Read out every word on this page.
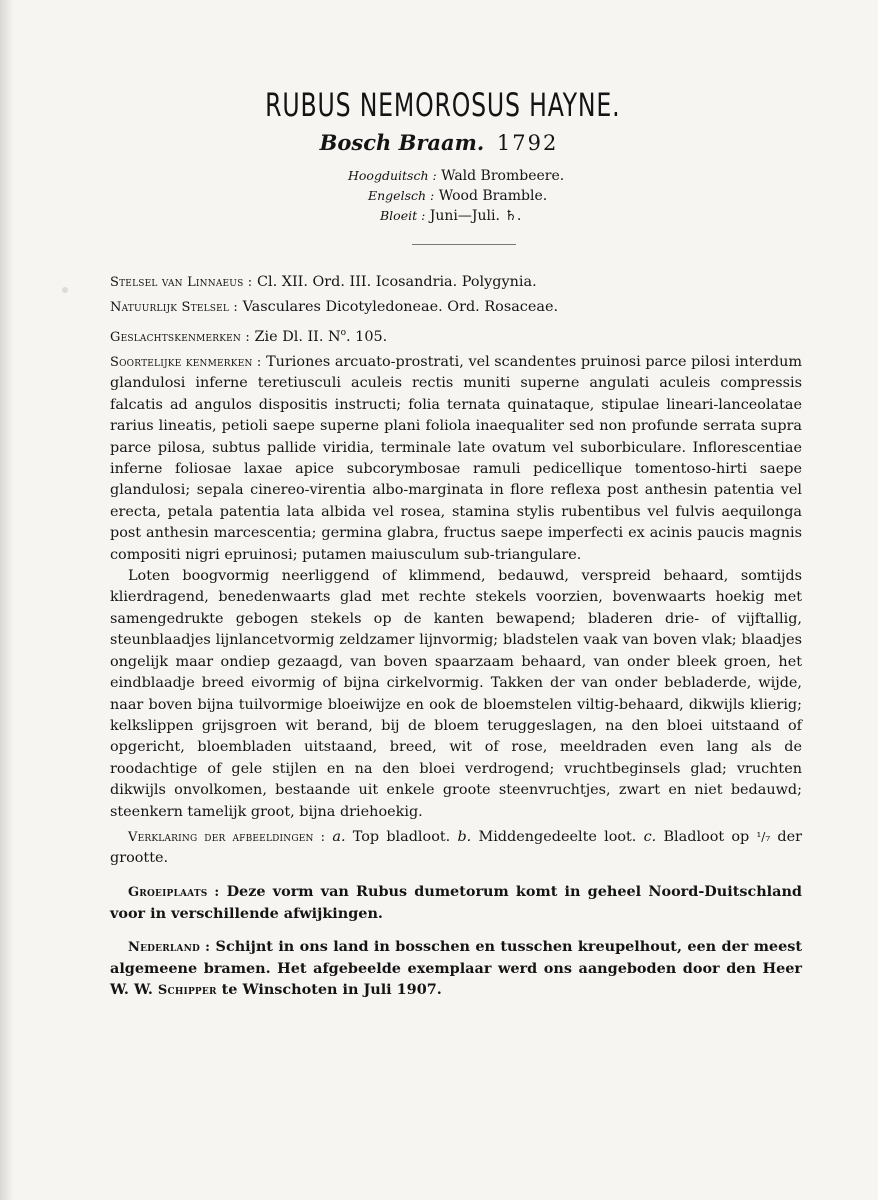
RUBUS NEMOROSUS HAYNE.
Bosch Braam. 1792
Hoogduitsch : Wald Brombeere.
Engelsch : Wood Bramble.
Bloeit : Juni—Juli. ♄.

Stelsel van Linnaeus : Cl. XII. Ord. III. Icosandria. Polygynia.

Natuurlijk Stelsel : Vasculares Dicotyledoneae. Ord. Rosaceae.

Geslachtskenmerken : Zie Dl. II. $N^o$. 105.

Soortelijke kenmerken : Turiones arcuato-prostrati, vel scandentes pruinosi parce pilosi interdum glandulosi inferne teretiusculi aculeis rectis muniti superne angulati aculeis compressis falcatis ad angulos dispositis instructi; folia ternata quinataque, stipulae lineari-lanceolatae rarius lineatis, petioli saepe superne plani foliola inaequaliter sed non profunde serrata supra parce pilosa, subtus pallide viridia, terminale late ovatum vel suborbiculare. Inflorescentiae inferne foliosae laxae apice subcorymbosae ramuli pedicellique tomentoso-hirti saepe glandulosi; sepala cinereo-virentia albo-marginata in flore reflexa post anthesin patentia vel erecta, petala patentia lata albida vel rosea, stamina stylis rubentibus vel fulvis aequilonga post anthesin marcescentia; germina glabra, fructus saepe imperfecti ex acinis paucis magnis compositi nigri epruinosi; putamen maiusculum sub-triangulare.

Loten boogvormig neerliggend of klimmend, bedauwd, verspreid behaard, somtijds klierdragend, benedenwaarts glad met rechte stekels voorzien, bovenwaarts hoekig met samengedrukte gebogen stekels op de kanten bewapend; bladeren drie- of vijftallig, steunblaadjes lijnlancetvormig zeldzamer lijnvormig; bladstelen vaak van boven vlak; blaadjes ongelijk maar ondiep gezaagd, van boven spaarzaam behaard, van onder bleek groen, het eindblaadje breed eivormig of bijna cirkelvormig. Takken der van onder bebladerde, wijde, naar boven bijna tuilvormige bloeiwijze en ook de bloemstelen viltig-behaard, dikwijls klierig; kelkslippen grijsgroen wit berand, bij de bloem teruggeslagen, na den bloei uitstaand of opgericht, bloembladen uitstaand, breed, wit of rose, meeldraden even lang als de roodachtige of gele stijlen en na den bloei verdrogend; vruchtbeginsels glad; vruchten dikwijls onvolkomen, bestaande uit enkele groote steenvruchtjes, zwart en niet bedauwd; steenkern tamelijk groot, bijna driehoekig.

Verklaring der afbeeldingen : a. Top bladloot. b. Middengedeelte loot. c. Bladloot op ¹/₇ der grootte.

Groeiplaats : Deze vorm van Rubus dumetorum komt in geheel Noord-Duitschland voor in verschillende afwijkingen.

Nederland : Schijnt in ons land in bosschen en tusschen kreupelhout, een der meest algemeene bramen. Het afgebeelde exemplaar werd ons aangeboden door den Heer W. W. Schipper te Winschoten in Juli 1907.
